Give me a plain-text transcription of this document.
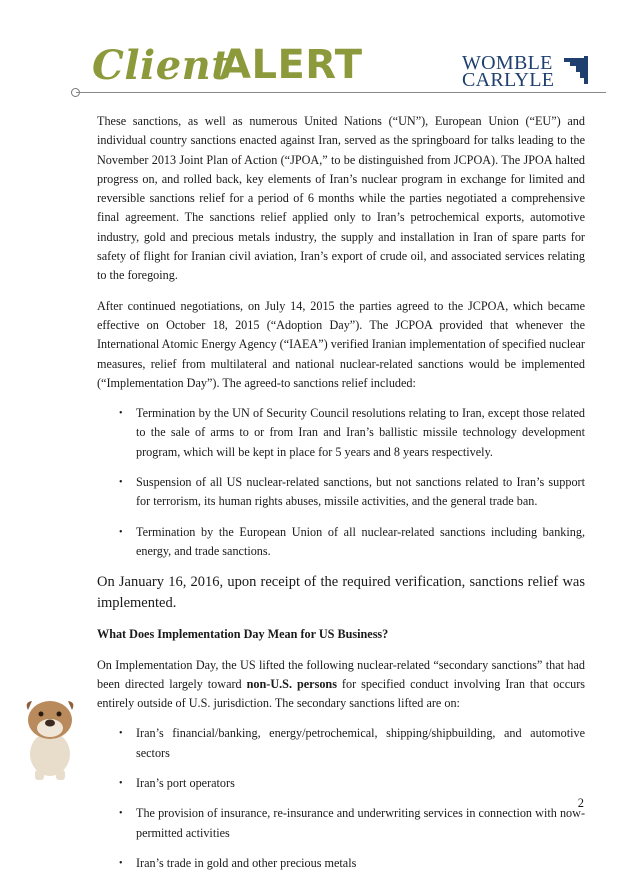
Client
ALERT	WOMBLE
CARLYLE

These sanctions, as well as numerous United Nations (“UN”), European Union (“EU”) and individual country sanctions enacted against Iran, served as the springboard for talks leading to the November 2013 Joint Plan of Action (“JPOA,” to be distinguished from JCPOA). The JPOA halted progress on, and rolled back, key elements of Iran’s nuclear program in exchange for limited and reversible sanctions relief for a period of 6 months while the parties negotiated a comprehensive final agreement. The sanctions relief applied only to Iran’s petrochemical exports, automotive industry, gold and precious metals industry, the supply and installation in Iran of spare parts for safety of flight for Iranian civil aviation, Iran’s export of crude oil, and associated services relating to the foregoing.

After continued negotiations, on July 14, 2015 the parties agreed to the JCPOA, which became effective on October 18, 2015 (“Adoption Day”). The JCPOA provided that whenever the International Atomic Energy Agency (“IAEA”) verified Iranian implementation of specified nuclear measures, relief from multilateral and national nuclear-related sanctions would be implemented (“Implementation Day”). The agreed-to sanctions relief included:

• Termination by the UN of Security Council resolutions relating to Iran, except those related to the sale of arms to or from Iran and Iran’s ballistic missile technology development program, which will be kept in place for 5 years and 8 years respectively.
• Suspension of all US nuclear-related sanctions, but not sanctions related to Iran’s support for terrorism, its human rights abuses, missile activities, and the general trade ban.
• Termination by the European Union of all nuclear-related sanctions including banking, energy, and trade sanctions.

On January 16, 2016, upon receipt of the required verification, sanctions relief was implemented.

What Does Implementation Day Mean for US Business?

On Implementation Day, the US lifted the following nuclear-related “secondary sanctions” that had been directed largely toward non-U.S. persons for specified conduct involving Iran that occurs entirely outside of U.S. jurisdiction. The secondary sanctions lifted are on:

• Iran’s financial/banking, energy/petrochemical, shipping/shipbuilding, and automotive sectors
• Iran’s port operators
• The provision of insurance, re-insurance and underwriting services in connection with now-permitted activities
• Iran’s trade in gold and other precious metals
2
